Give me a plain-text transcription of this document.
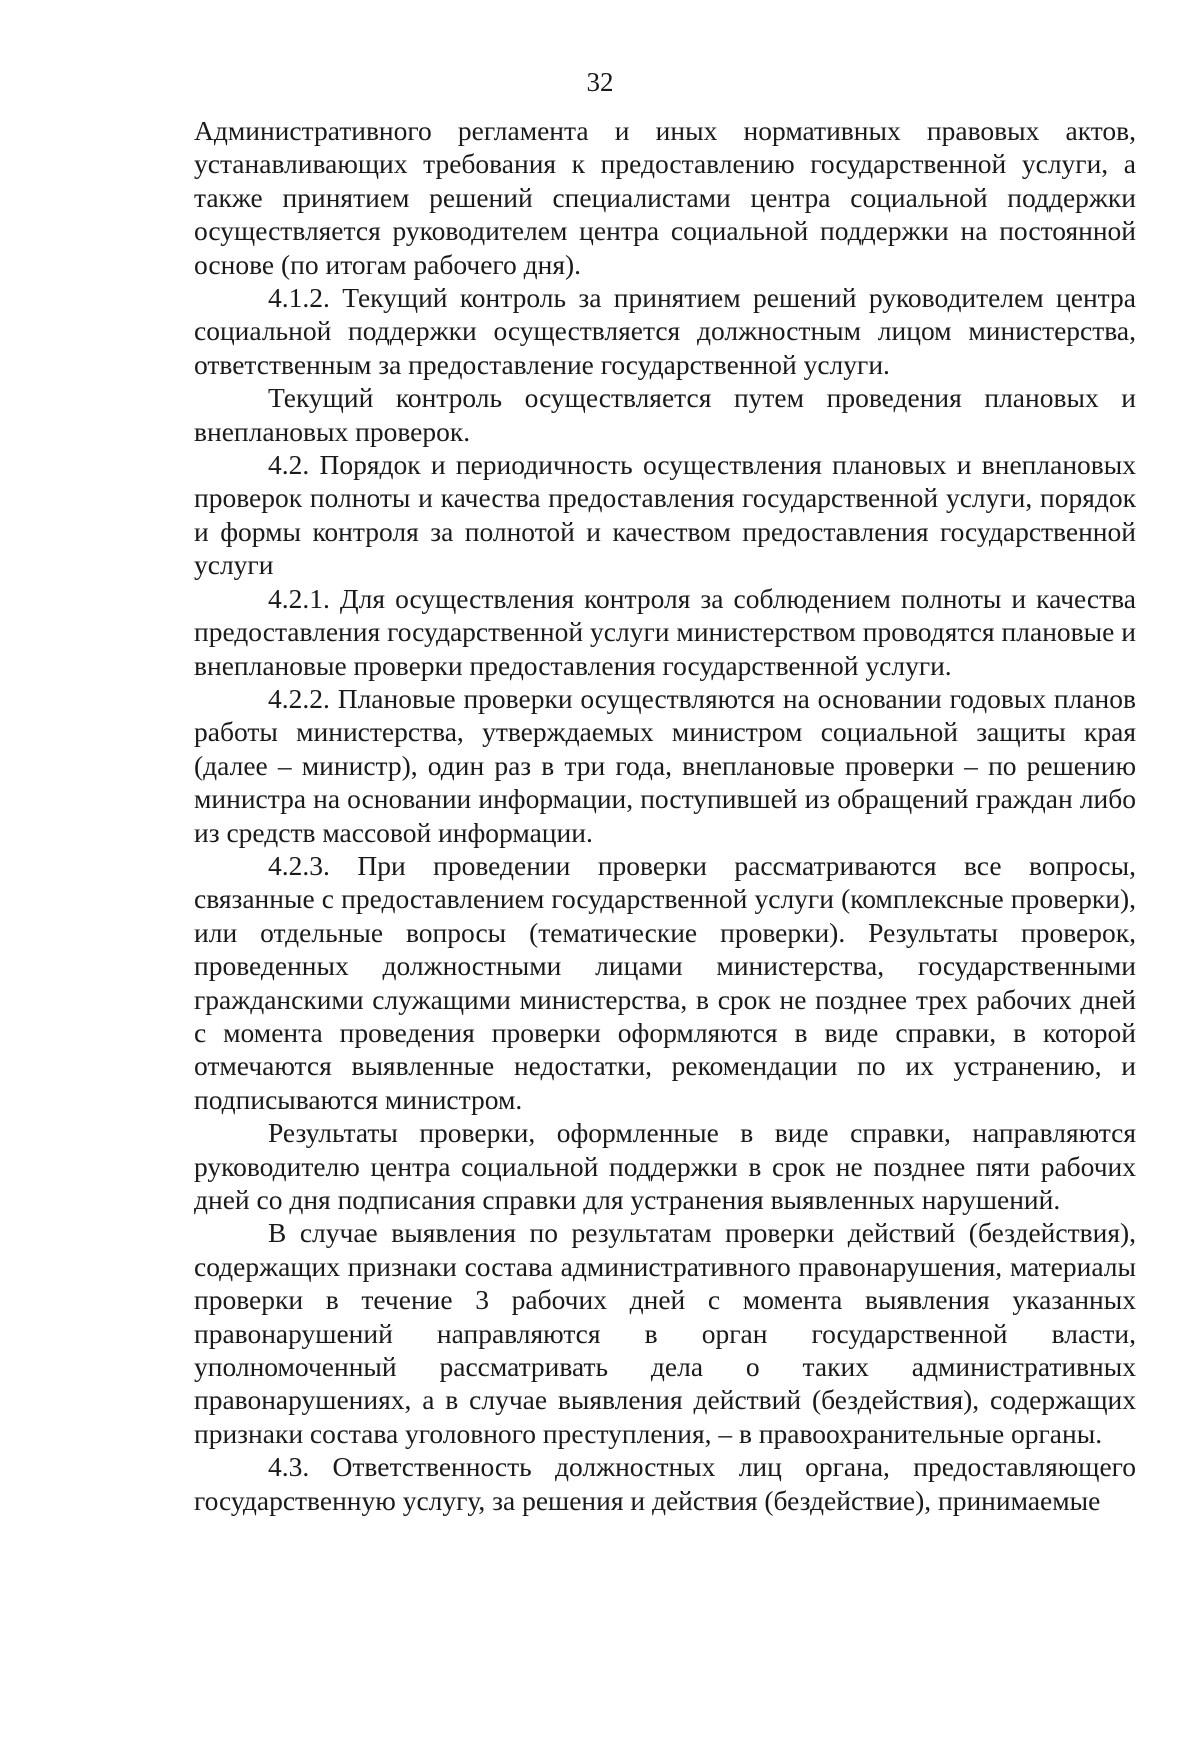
32

Административного регламента и иных нормативных правовых актов, устанавливающих требования к предоставлению государственной услуги, а также принятием решений специалистами центра социальной поддержки осуществляется руководителем центра социальной поддержки на постоянной основе (по итогам рабочего дня).

4.1.2. Текущий контроль за принятием решений руководителем центра социальной поддержки осуществляется должностным лицом министерства, ответственным за предоставление государственной услуги.

Текущий контроль осуществляется путем проведения плановых и внеплановых проверок.

4.2. Порядок и периодичность осуществления плановых и внеплановых проверок полноты и качества предоставления государственной услуги, порядок и формы контроля за полнотой и качеством предоставления государственной услуги

4.2.1. Для осуществления контроля за соблюдением полноты и качества предоставления государственной услуги министерством проводятся плановые и внеплановые проверки предоставления государственной услуги.

4.2.2. Плановые проверки осуществляются на основании годовых планов работы министерства, утверждаемых министром социальной защиты края (далее – министр), один раз в три года, внеплановые проверки – по решению министра на основании информации, поступившей из обращений граждан либо из средств массовой информации.

4.2.3. При проведении проверки рассматриваются все вопросы, связанные с предоставлением государственной услуги (комплексные проверки), или отдельные вопросы (тематические проверки). Результаты проверок, проведенных должностными лицами министерства, государственными гражданскими служащими министерства, в срок не позднее трех рабочих дней с момента проведения проверки оформляются в виде справки, в которой отмечаются выявленные недостатки, рекомендации по их устранению, и подписываются министром.

Результаты проверки, оформленные в виде справки, направляются руководителю центра социальной поддержки в срок не позднее пяти рабочих дней со дня подписания справки для устранения выявленных нарушений.

В случае выявления по результатам проверки действий (бездействия), содержащих признаки состава административного правонарушения, материалы проверки в течение 3 рабочих дней с момента выявления указанных правонарушений направляются в орган государственной власти, уполномоченный рассматривать дела о таких административных правонарушениях, а в случае выявления действий (бездействия), содержащих признаки состава уголовного преступления, – в правоохранительные органы.

4.3. Ответственность должностных лиц органа, предоставляющего государственную услугу, за решения и действия (бездействие), принимаемые
